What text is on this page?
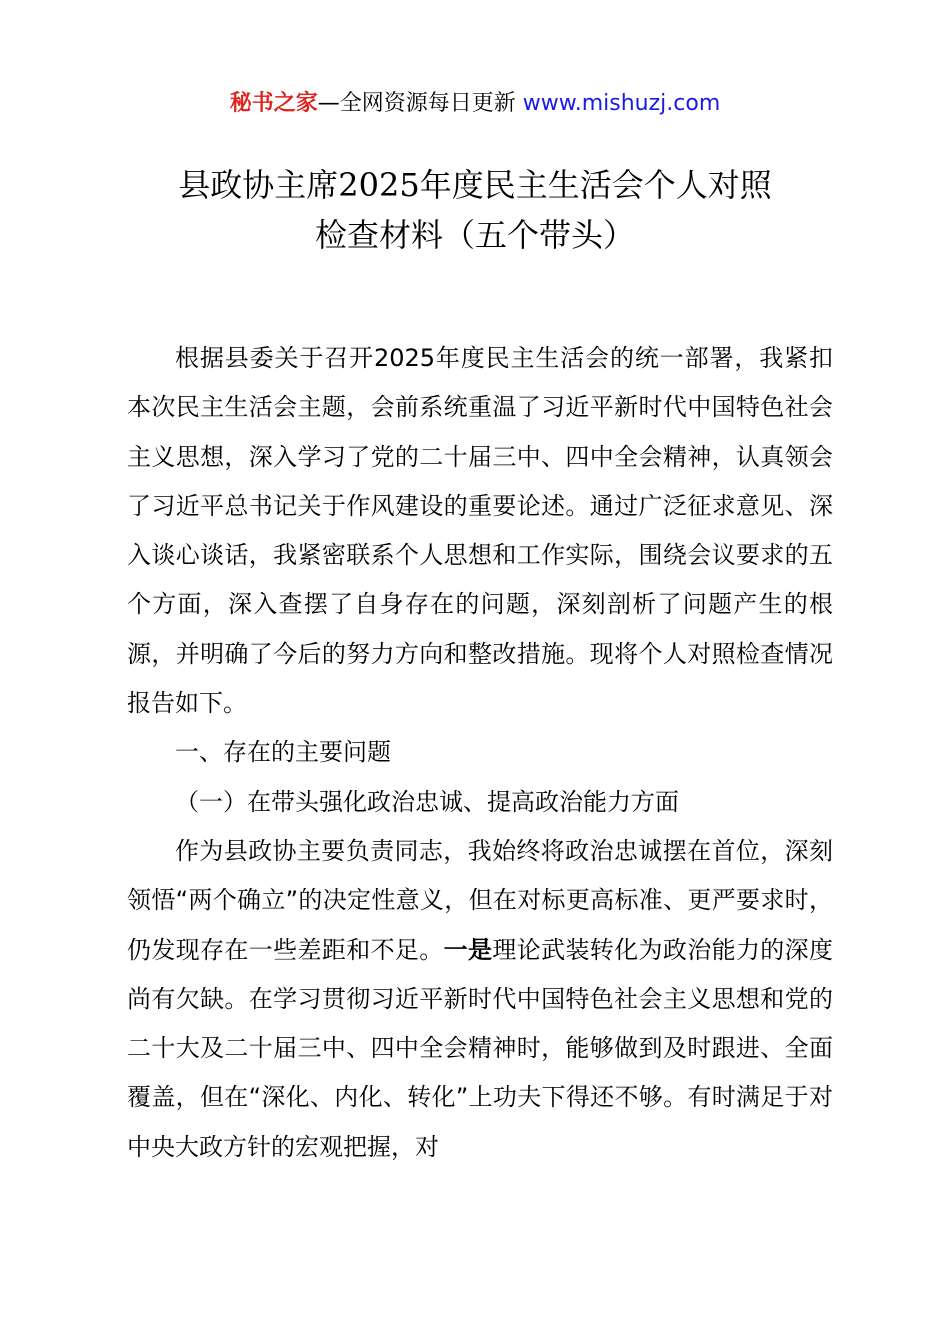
秘书之家—全网资源每日更新 www.mishuzj.com
县政协主席2025年度民主生活会个人对照
检查材料（五个带头）

根据县委关于召开2025年度民主生活会的统一部署，我紧扣本次民主生活会主题，会前系统重温了习近平新时代中国特色社会主义思想，深入学习了党的二十届三中、四中全会精神，认真领会了习近平总书记关于作风建设的重要论述。通过广泛征求意见、深入谈心谈话，我紧密联系个人思想和工作实际，围绕会议要求的五个方面，深入查摆了自身存在的问题，深刻剖析了问题产生的根源，并明确了今后的努力方向和整改措施。现将个人对照检查情况报告如下。

一、存在的主要问题

（一）在带头强化政治忠诚、提高政治能力方面

作为县政协主要负责同志，我始终将政治忠诚摆在首位，深刻领悟“两个确立”的决定性意义，但在对标更高标准、更严要求时，仍发现存在一些差距和不足。一是理论武装转化为政治能力的深度尚有欠缺。在学习贯彻习近平新时代中国特色社会主义思想和党的二十大及二十届三中、四中全会精神时，能够做到及时跟进、全面覆盖，但在“深化、内化、转化”上功夫下得还不够。有时满足于对中央大政方针的宏观把握，对
